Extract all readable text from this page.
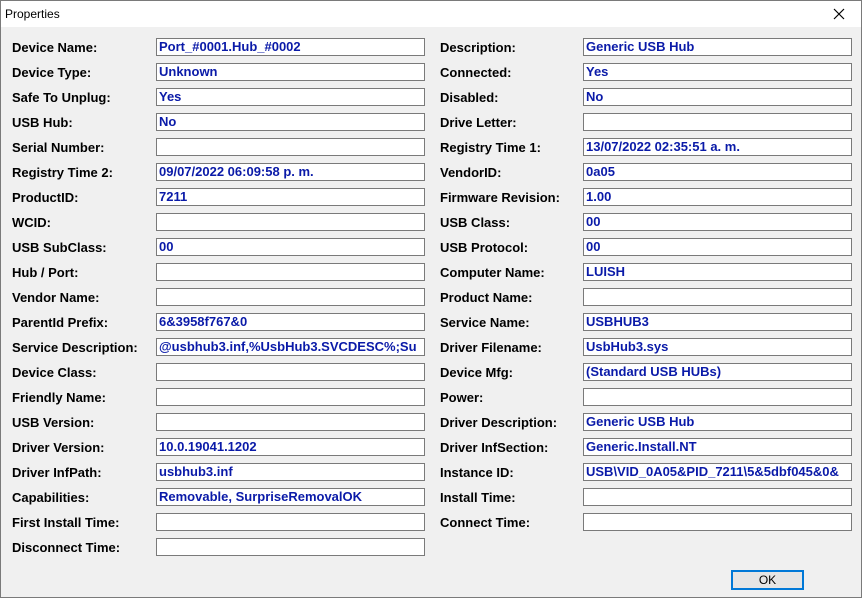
Properties
Device Name:	Port_#0001.Hub_#0002
Device Type:	Unknown
Safe To Unplug:	Yes
USB Hub:	No
Serial Number:
Registry Time 2:	09/07/2022 06:09:58 p. m.
ProductID:	7211
WCID:
USB SubClass:	00
Hub / Port:
Vendor Name:
ParentId Prefix:	6&3958f767&0
Service Description: @usbhub3.inf,%UsbHub3.SVCDESC%;Su
Device Class:
Friendly Name:
USB Version:
Driver Version:	10.0.19041.1202
Driver InfPath:	usbhub3.inf
Capabilities:	Removable, SurpriseRemovalOK
First Install Time:
Disconnect Time:
Description:	Generic USB Hub
Connected:	Yes
Disabled:	No
Drive Letter:
Registry Time 1:	13/07/2022 02:35:51 a. m.
VendorID:	0a05
Firmware Revision: 1.00
USB Class:	00
USB Protocol:	00
Computer Name:	LUISH
Product Name:
Service Name:	USBHUB3
Driver Filename:	UsbHub3.sys
Device Mfg:	(Standard USB HUBs)
Power:
Driver Description: Generic USB Hub
Driver InfSection:	Generic.Install.NT
Instance ID:	USB\VID_0A05&PID_7211\5&5dbf045&0&
Install Time:
Connect Time:
OK
